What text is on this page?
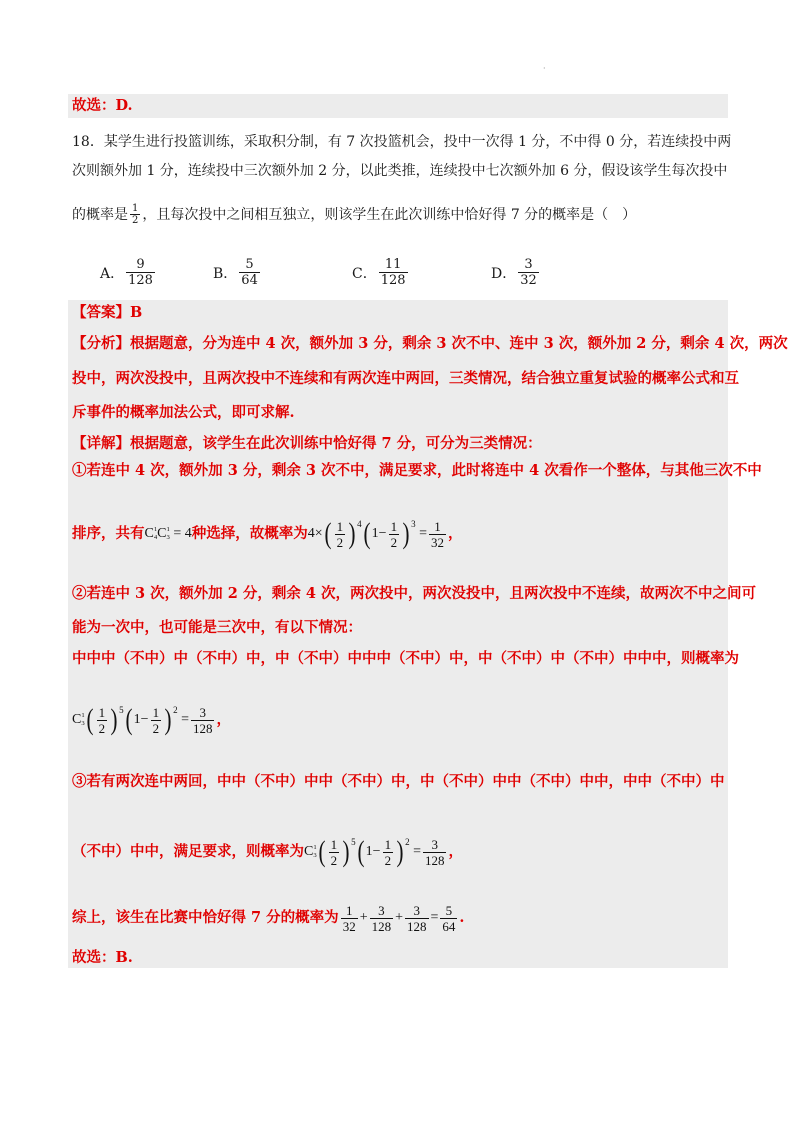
·
故选：D.
18．某学生进行投篮训练，采取积分制，有 7 次投篮机会，投中一次得 1 分，不中得 0 分，若连续投中两
次则额外加 1 分，连续投中三次额外加 2 分，以此类推，连续投中七次额外加 6 分，假设该学生每次投中
的概率是 $\frac{1}{2}$ ，且每次投中之间相互独立，则该学生在此次训练中恰好得 7 分的概率是（　）
A． $\frac{9}{128}$	B． $\frac{5}{64}$	C． $\frac{11}{128}$	D． $\frac{3}{32}$
【答案】B
【分析】根据题意，分为连中 4 次，额外加 3 分，剩余 3 次不中、连中 3 次，额外加 2 分，剩余 4 次，两次
投中，两次没投中，且两次投中不连续和有两次连中两回，三类情况，结合独立重复试验的概率公式和互
斥事件的概率加法公式，即可求解.
【详解】根据题意，该学生在此次训练中恰好得 7 分，可分为三类情况：
①若连中 4 次，额外加 3 分，剩余 3 次不中，满足要求，此时将连中 4 次看作一个整体，与其他三次不中
排序，共有 C 1
4 C 1
3
= 4 种选择，故概率为 4× ( $\frac{1}{2} )^4$ ( $1- \frac{1}{2} )^3$

= $\frac{1}{32}$ ，
②若连中 3 次，额外加 2 分，剩余 4 次，两次投中，两次没投中，且两次投中不连续，故两次不中之间可
能为一次中，也可能是三次中，有以下情况：
中中中（不中）中（不中）中，中（不中）中中中（不中）中，中（不中）中（不中）中中中，则概率为
C 1
3 ( $\frac{1}{2} )^5$ ( $1- \frac{1}{2} )^2$

= $\frac{3}{128}$ ，
③若有两次连中两回，中中（不中）中中（不中）中，中（不中）中中（不中）中中，中中（不中）中
（不中）中中，满足要求，则概率为 C 1
3 ( $\frac{1}{2} )^5$ ( $1- \frac{1}{2} )^2$

= $\frac{3}{128}$ ，
综上，该生在比赛中恰好得 7 分的概率为 $\frac{1}{32} + \frac{3}{128} + \frac{3}{128} = \frac{5}{64}$ .
故选：B.
